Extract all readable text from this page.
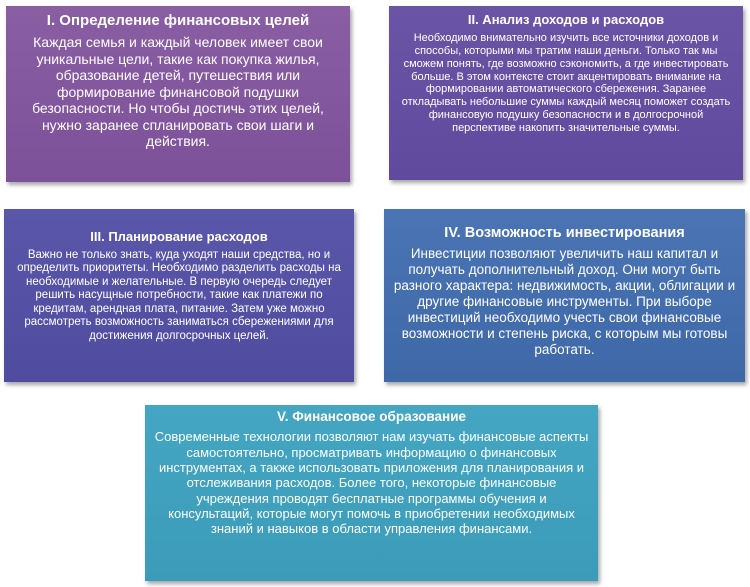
I. Определение финансовых целей

Каждая семья и каждый человек имеет свои уникальные цели, такие как покупка жилья, образование детей, путешествия или формирование финансовой подушки безопасности. Но чтобы достичь этих целей, нужно заранее спланировать свои шаги и действия.

II. Анализ доходов и расходов

Необходимо внимательно изучить все источники доходов и способы, которыми мы тратим наши деньги. Только так мы сможем понять, где возможно сэкономить, а где инвестировать больше. В этом контексте стоит акцентировать внимание на формировании автоматического сбережения. Заранее откладывать небольшие суммы каждый месяц поможет создать финансовую подушку безопасности и в долгосрочной перспективе накопить значительные суммы.

III. Планирование расходов

Важно не только знать, куда уходят наши средства, но и определить приоритеты. Необходимо разделить расходы на необходимые и желательные. В первую очередь следует решить насущные потребности, такие как платежи по кредитам, арендная плата, питание. Затем уже можно рассмотреть возможность заниматься сбережениями для достижения долгосрочных целей.

IV. Возможность инвестирования

Инвестиции позволяют увеличить наш капитал и получать дополнительный доход. Они могут быть разного характера: недвижимость, акции, облигации и другие финансовые инструменты. При выборе инвестиций необходимо учесть свои финансовые возможности и степень риска, с которым мы готовы работать.

V. Финансовое образование

Современные технологии позволяют нам изучать финансовые аспекты самостоятельно, просматривать информацию о финансовых инструментах, а также использовать приложения для планирования и отслеживания расходов. Более того, некоторые финансовые учреждения проводят бесплатные программы обучения и консультаций, которые могут помочь в приобретении необходимых знаний и навыков в области управления финансами.
